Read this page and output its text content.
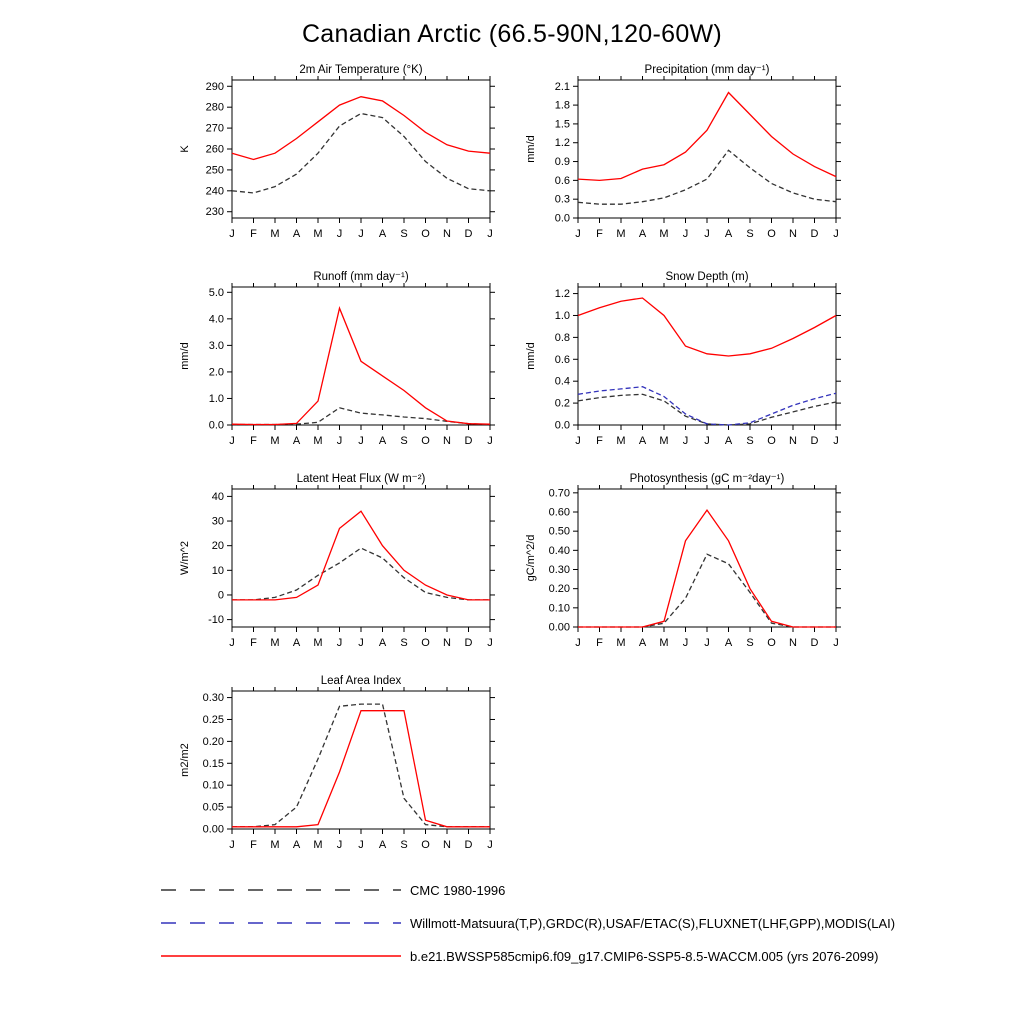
Canadian Arctic (66.5-90N,120-60W)
2m Air Temperature (°K)
K
230
240
250
260
270
280
290
J F M A M J J A S O N D J
Precipitation (mm day⁻¹)
mm/d
0.0
0.3
0.6
0.9
1.2
1.5
1.8
2.1
J F M A M J J A S O N D J
Runoff (mm day⁻¹)
mm/d
0.0
1.0
2.0
3.0
4.0
5.0
J F M A M J J A S O N D J
Snow Depth (m)
mm/d
0.0
0.2
0.4
0.6
0.8
1.0
1.2
J F M A M J J A S O N D J
Latent Heat Flux (W m⁻²)
W/m^2
-10
0
10
20
30
40
J F M A M J J A S O N D J
Photosynthesis (gC m⁻²day⁻¹)
gC/m^2/d
0.00
0.10
0.20
0.30
0.40
0.50
0.60
0.70
J F M A M J J A S O N D J
Leaf Area Index
m2/m2
0.00
0.05
0.10
0.15
0.20
0.25
0.30
J F M A M J J A S O N D J
CMC 1980-1996
Willmott-Matsuura(T,P),GRDC(R),USAF/ETAC(S),FLUXNET(LHF,GPP),MODIS(LAI)
b.e21.BWSSP585cmip6.f09_g17.CMIP6-SSP5-8.5-WACCM.005 (yrs 2076-2099)
